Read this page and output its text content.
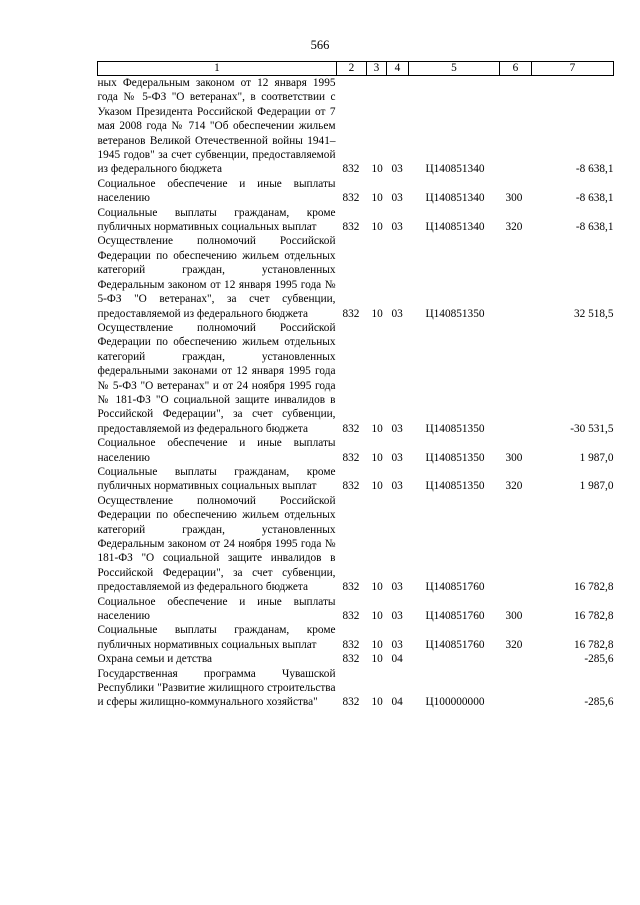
566
1	2	3	4	5	6	7
ных Федеральным законом от 12 января 1995 года № 5-ФЗ "О ветеранах", в соответствии с Указом Президента Российской Федерации от 7 мая 2008 года № 714 "Об обеспечении жильем ветеранов Великой Отечественной войны 1941–1945 годов" за счет субвенции, предоставляемой из федерального бюджета	832	10	03	Ц140851340		-8 638,1
Социальное обеспечение и иные выплаты населению	832	10	03	Ц140851340	300	-8 638,1
Социальные выплаты гражданам, кроме публичных нормативных социальных выплат	832	10	03	Ц140851340	320	-8 638,1
Осуществление полномочий Российской Федерации по обеспечению жильем отдельных категорий граждан, установленных Федеральным законом от 12 января 1995 года № 5-ФЗ "О ветеранах", за счет субвенции, предоставляемой из федерального бюджета	832	10	03	Ц140851350		32 518,5
Осуществление полномочий Российской Федерации по обеспечению жильем отдельных категорий граждан, установленных федеральными законами от 12 января 1995 года № 5-ФЗ "О ветеранах" и от 24 ноября 1995 года № 181-ФЗ "О социальной защите инвалидов в Российской Федерации", за счет субвенции, предоставляемой из федерального бюджета	832	10	03	Ц140851350		-30 531,5
Социальное обеспечение и иные выплаты населению	832	10	03	Ц140851350	300	1 987,0
Социальные выплаты гражданам, кроме публичных нормативных социальных выплат	832	10	03	Ц140851350	320	1 987,0
Осуществление полномочий Российской Федерации по обеспечению жильем отдельных категорий граждан, установленных Федеральным законом от 24 ноября 1995 года № 181-ФЗ "О социальной защите инвалидов в Российской Федерации", за счет субвенции, предоставляемой из федерального бюджета	832	10	03	Ц140851760		16 782,8
Социальное обеспечение и иные выплаты населению	832	10	03	Ц140851760	300	16 782,8
Социальные выплаты гражданам, кроме публичных нормативных социальных выплат	832	10	03	Ц140851760	320	16 782,8
Охрана семьи и детства	832	10	04			-285,6
Государственная программа Чувашской Республики "Развитие жилищного строительства и сферы жилищно-коммунального хозяйства"	832	10	04	Ц100000000		-285,6
